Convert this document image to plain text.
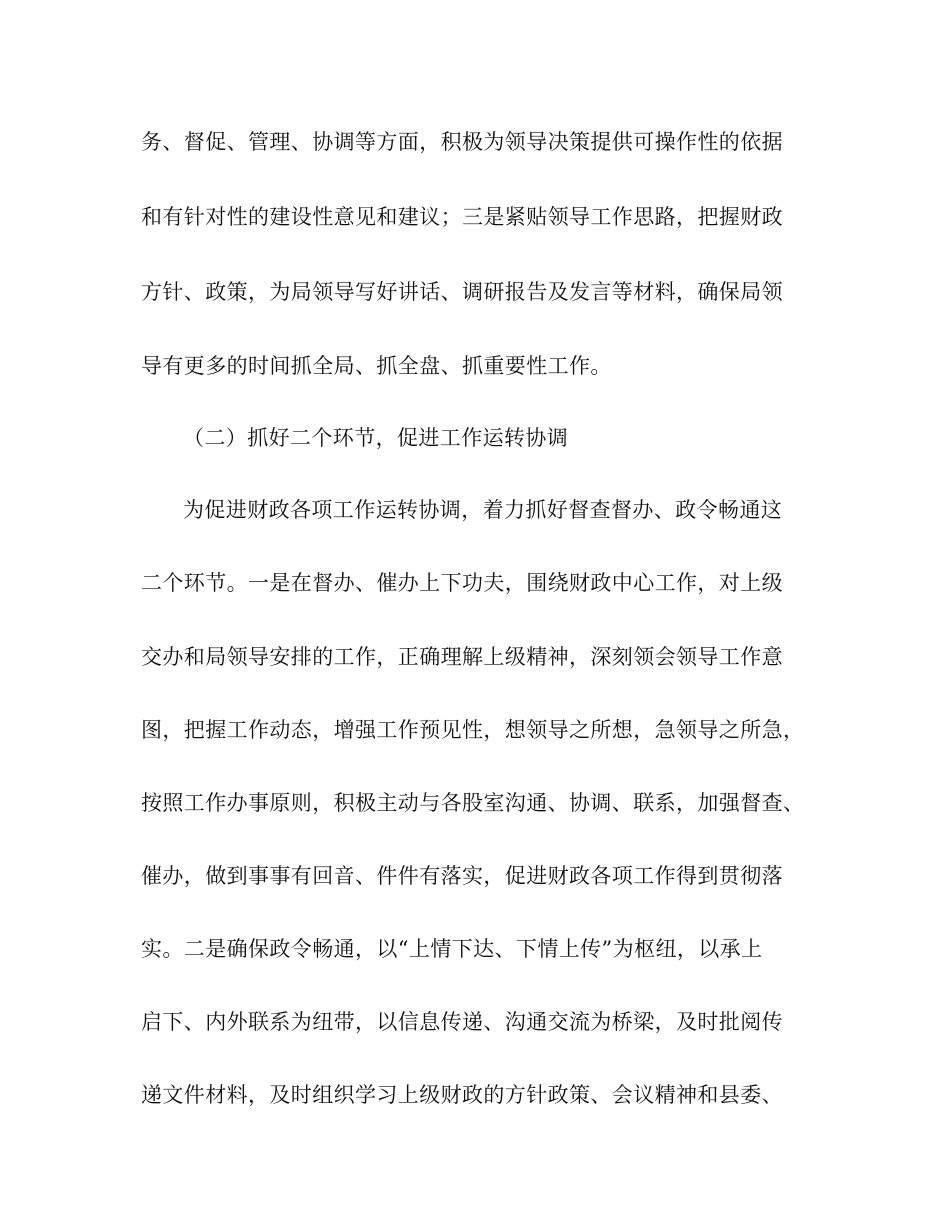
务、督促、管理、协调等方面，积极为领导决策提供可操作性的依据
和有针对性的建设性意见和建议；三是紧贴领导工作思路，把握财政
方针、政策，为局领导写好讲话、调研报告及发言等材料，确保局领
导有更多的时间抓全局、抓全盘、抓重要性工作。
（二）抓好二个环节，促进工作运转协调
为促进财政各项工作运转协调，着力抓好督查督办、政令畅通这
二个环节。一是在督办、催办上下功夫，围绕财政中心工作，对上级
交办和局领导安排的工作，正确理解上级精神，深刻领会领导工作意
图，把握工作动态，增强工作预见性，想领导之所想，急领导之所急，
按照工作办事原则，积极主动与各股室沟通、协调、联系，加强督查、
催办，做到事事有回音、件件有落实，促进财政各项工作得到贯彻落
实。二是确保政令畅通，以“上情下达、下情上传”为枢纽，以承上
启下、内外联系为纽带，以信息传递、沟通交流为桥梁，及时批阅传
递文件材料，及时组织学习上级财政的方针政策、会议精神和县委、
